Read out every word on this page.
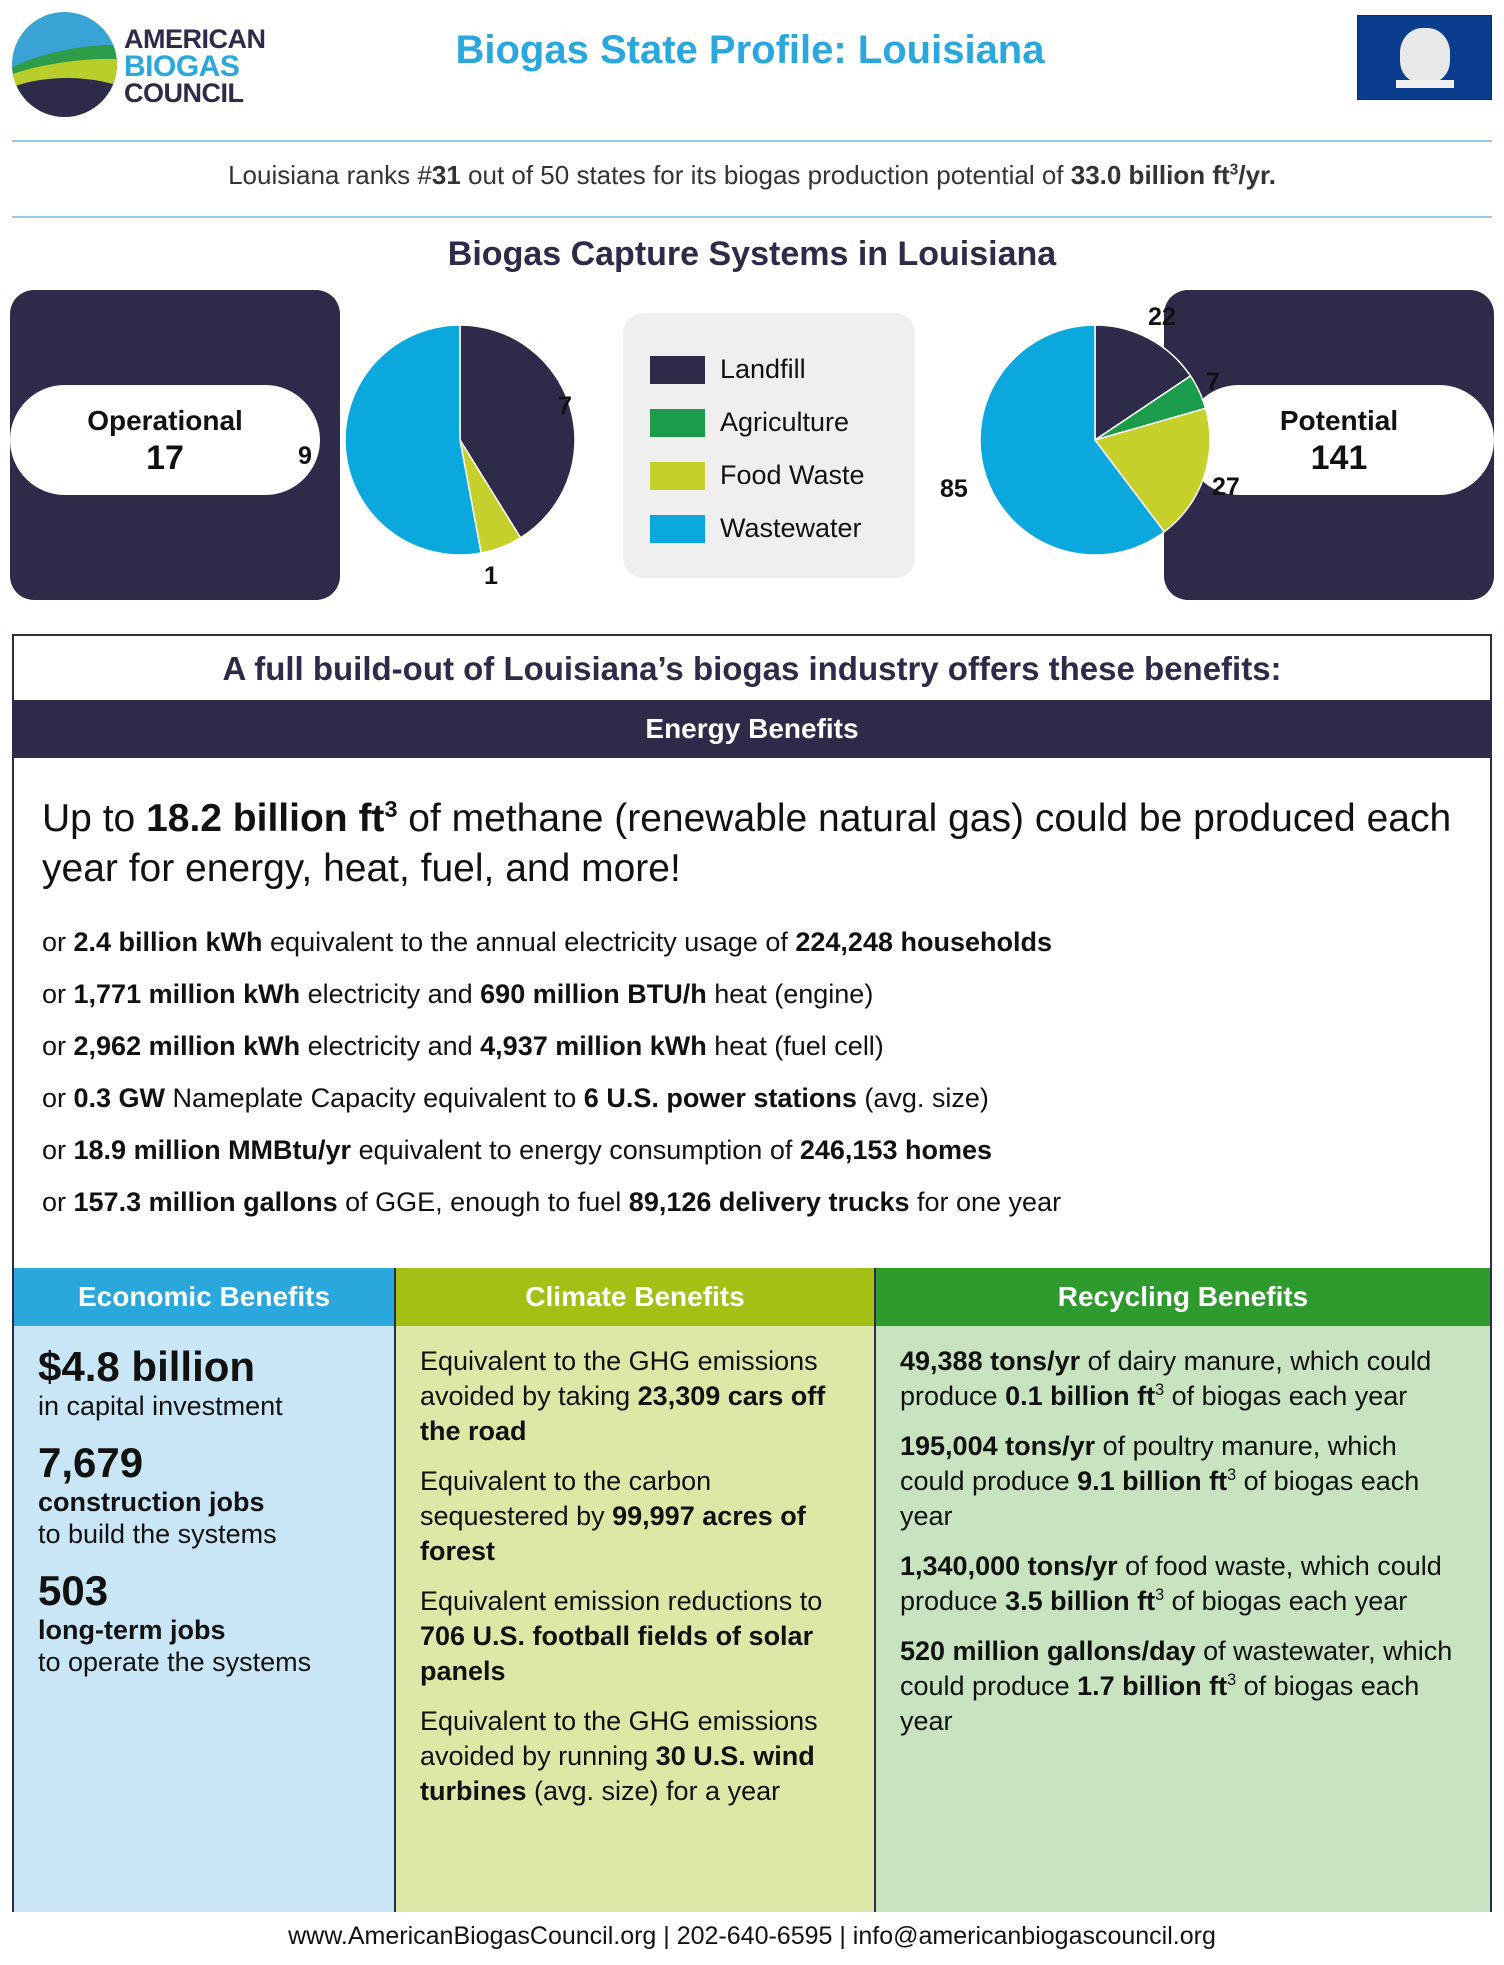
AMERICAN
BIOGAS
COUNCIL
Biogas State Profile: Louisiana
Louisiana ranks #31 out of 50 states for its biogas production potential of 33.0 billion $ft^3/yr$.
Biogas Capture Systems in Louisiana
Operational
17
Potential
141
7
9
1
Landfill
Agriculture
Food Waste
Wastewater
22
7
27
85
A full build-out of Louisiana’s biogas industry offers these benefits:
Energy Benefits
Up to 18.2 billion $ft^3$ of methane (renewable natural gas) could be produced each year for energy, heat, fuel, and more!
or 2.4 billion kWh equivalent to the annual electricity usage of 224,248 households
or 1,771 million kWh electricity and 690 million BTU/h heat (engine)
or 2,962 million kWh electricity and 4,937 million kWh heat (fuel cell)
or 0.3 GW Nameplate Capacity equivalent to 6 U.S. power stations (avg. size)
or 18.9 million MMBtu/yr equivalent to energy consumption of 246,153 homes
or 157.3 million gallons of GGE, enough to fuel 89,126 delivery trucks for one year
Economic Benefits
$4.8 billion
in capital investment
7,679
construction jobs
to build the systems
503
long-term jobs
to operate the systems
Climate Benefits
Equivalent to the GHG emissions avoided by taking 23,309 cars off the road
Equivalent to the carbon sequestered by 99,997 acres of forest
Equivalent emission reductions to 706 U.S. football fields of solar panels
Equivalent to the GHG emissions avoided by running 30 U.S. wind turbines (avg. size) for a year
Recycling Benefits
49,388 tons/yr of dairy manure, which could produce 0.1 billion $ft^3$ of biogas each year
195,004 tons/yr of poultry manure, which could produce 9.1 billion $ft^3$ of biogas each year
1,340,000 tons/yr of food waste, which could produce 3.5 billion $ft^3$ of biogas each year
520 million gallons/day of wastewater, which could produce 1.7 billion $ft^3$ of biogas each year
www.AmericanBiogasCouncil.org | 202-640-6595 | info@americanbiogascouncil.org
